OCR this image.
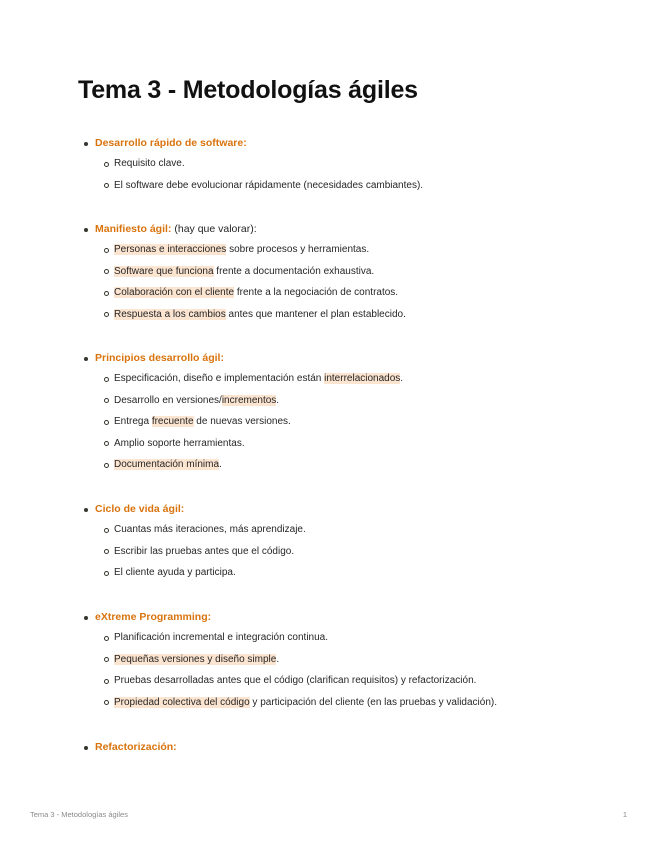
Tema 3 - Metodologías ágiles
Desarrollo rápido de software:
Requisito clave.
El software debe evolucionar rápidamente (necesidades cambiantes).
Manifiesto ágil: (hay que valorar):
Personas e interacciones sobre procesos y herramientas.
Software que funciona frente a documentación exhaustiva.
Colaboración con el cliente frente a la negociación de contratos.
Respuesta a los cambios antes que mantener el plan establecido.
Principios desarrollo ágil:
Especificación, diseño e implementación están interrelacionados.
Desarrollo en versiones/incrementos.
Entrega frecuente de nuevas versiones.
Amplio soporte herramientas.
Documentación mínima.
Ciclo de vida ágil:
Cuantas más iteraciones, más aprendizaje.
Escribir las pruebas antes que el código.
El cliente ayuda y participa.
eXtreme Programming:
Planificación incremental e integración continua.
Pequeñas versiones y diseño simple.
Pruebas desarrolladas antes que el código (clarifican requisitos) y refactorización.
Propiedad colectiva del código y participación del cliente (en las pruebas y validación).
Refactorización:
Tema 3 - Metodologías ágiles	1
